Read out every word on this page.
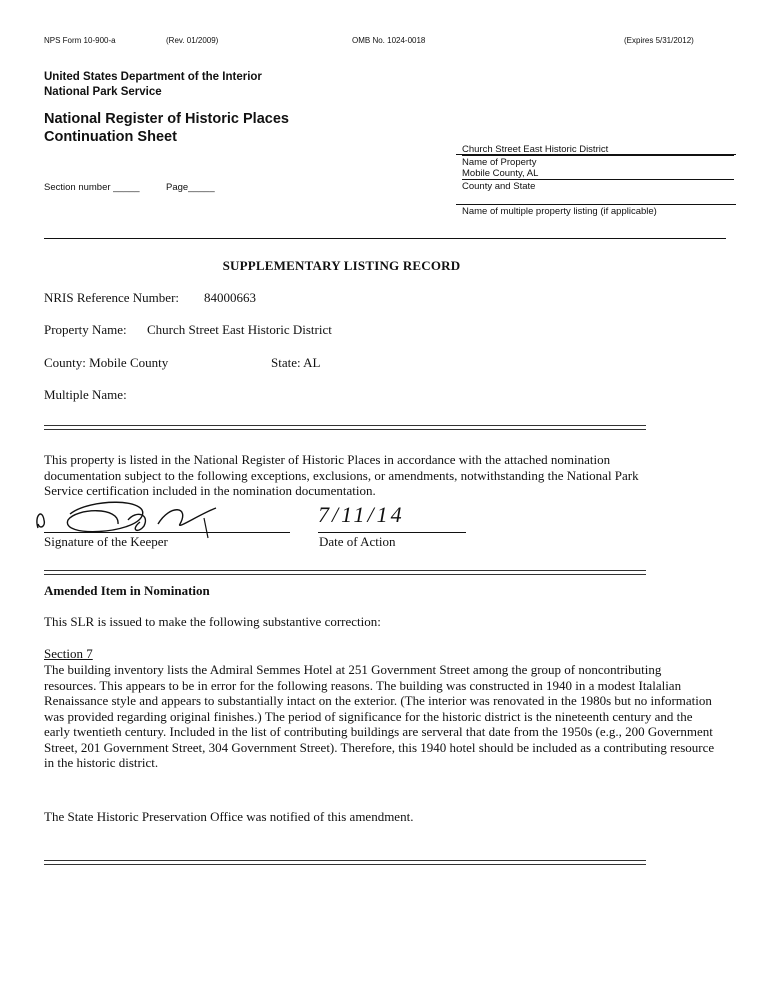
NPS Form 10-900-a	(Rev. 01/2009)	OMB No. 1024-0018	(Expires 5/31/2012)
United States Department of the Interior
National Park Service
National Register of Historic Places
Continuation Sheet
Section number _____	Page_____
Church Street East Historic District
Name of Property
Mobile County, AL
County and State
Name of multiple property listing (if applicable)
SUPPLEMENTARY LISTING RECORD
NRIS Reference Number: 84000663
Property Name: Church Street East Historic District
County: Mobile County	State: AL
Multiple Name:
This property is listed in the National Register of Historic Places in accordance with the attached nomination documentation subject to the following exceptions, exclusions, or amendments, notwithstanding the National Park Service certification included in the nomination documentation.
7/11/14
Signature of the Keeper	Date of Action
Amended Item in Nomination
This SLR is issued to make the following substantive correction:
Section 7
The building inventory lists the Admiral Semmes Hotel at 251 Government Street among the group of noncontributing resources. This appears to be in error for the following reasons. The building was constructed in 1940 in a modest Italalian Renaissance style and appears to substantially intact on the exterior. (The interior was renovated in the 1980s but no information was provided regarding original finishes.) The period of significance for the historic district is the nineteenth century and the early twentieth century. Included in the list of contributing buildings are serveral that date from the 1950s (e.g., 200 Government Street, 201 Government Street, 304 Government Street). Therefore, this 1940 hotel should be included as a contributing resource in the historic district.
The State Historic Preservation Office was notified of this amendment.
